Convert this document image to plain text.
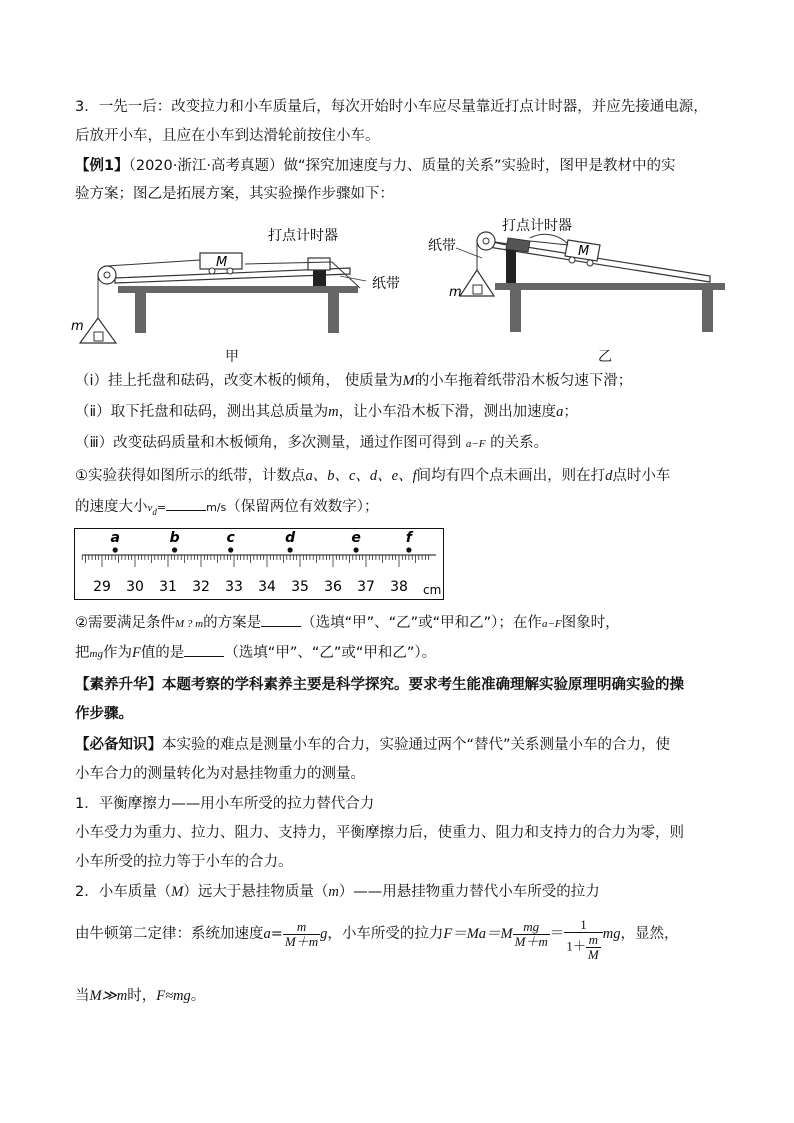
3．一先一后：改变拉力和小车质量后，每次开始时小车应尽量靠近打点计时器，并应先接通电源，
后放开小车，且应在小车到达滑轮前按住小车。
【例1】（2020·浙江·高考真题）做“探究加速度与力、质量的关系”实验时，图甲是教材中的实
验方案；图乙是拓展方案，其实验操作步骤如下：
M
m
打点计时器
纸带
甲
M
m
打点计时器
纸带
乙
（ⅰ）挂上托盘和砝码，改变木板的倾角， 使质量为M的小车拖着纸带沿木板匀速下滑；
（ⅱ）取下托盘和砝码，测出其总质量为m，让小车沿木板下滑，测出加速度a；
（ⅲ）改变砝码质量和木板倾角，多次测量，通过作图可得到 a−F 的关系。
①实验获得如图所示的纸带，计数点a、b、c、d、e、f间均有四个点未画出，则在打d点时小车
的速度大小$v_d=$	m/s（保留两位有效数字）；
29 30 31 32 33 34 35 36 37 38
a	b	c	d	e	f
cm
②需要满足条件M ? m的方案是	（选填“甲”、“乙”或“甲和乙”）；在作a−F图象时，
把mg作为F值的是	（选填“甲”、“乙”或“甲和乙”）。
【素养升华】本题考察的学科素养主要是科学探究。要求考生能准确理解实验原理明确实验的操
作步骤。
【必备知识】本实验的难点是测量小车的合力，实验通过两个“替代”关系测量小车的合力，使
小车合力的测量转化为对悬挂物重力的测量。
1．平衡摩擦力——用小车所受的拉力替代合力
小车受力为重力、拉力、阻力、支持力，平衡摩擦力后，使重力、阻力和支持力的合力为零，则
小车所受的拉力等于小车的合力。
2．小车质量（M）远大于悬挂物质量（m）——用悬挂物重力替代小车所受的拉力
由牛顿第二定律：系统加速度$a= \frac{m}{M+m}$ g，小车所受的拉力$F=Ma=M \frac{mg}{M+m} = \frac{1}{1+ \frac{m}{M}}$ mg，显然，
当M≫m时，F≈mg。
